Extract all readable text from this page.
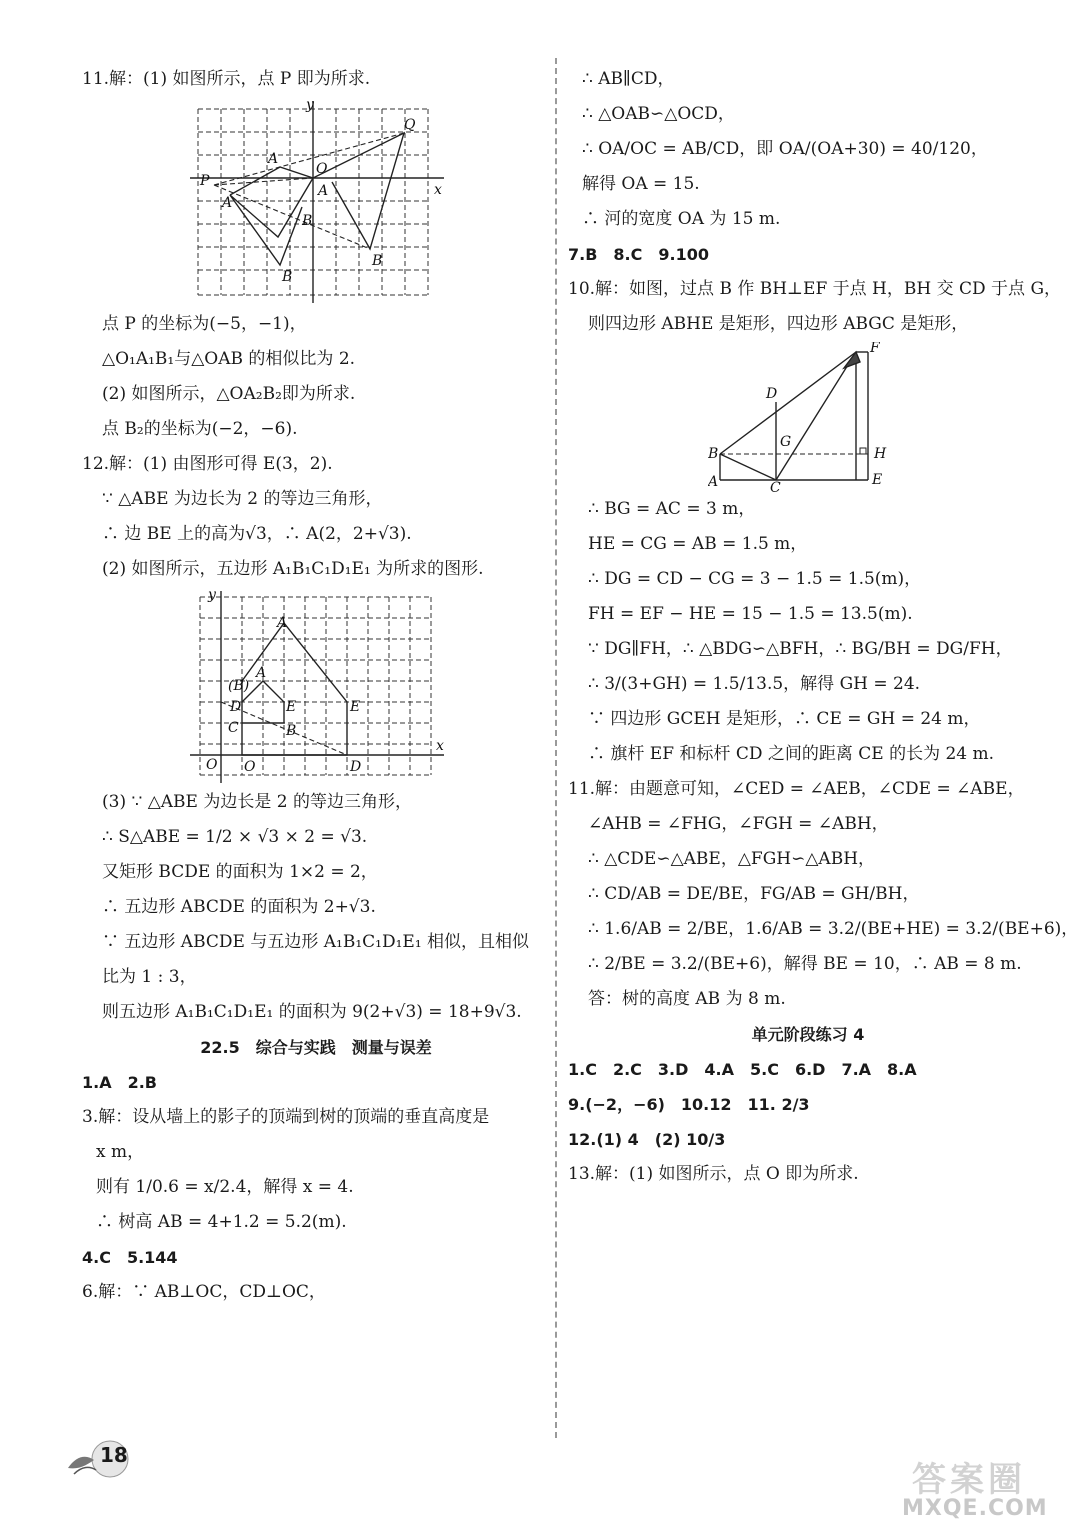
11.解：(1) 如图所示，点 P 即为所求.
y
x
O
Q
P
A
A
A
B
B
B
点 P 的坐标为(−5，−1)，
△O₁A₁B₁与△OAB 的相似比为 2.
(2) 如图所示，△OA₂B₂即为所求.
点 B₂的坐标为(−2，−6).
12.解：(1) 由图形可得 E(3，2).
∵ △ABE 为边长为 2 的等边三角形，
∴ 边 BE 上的高为√3，∴ A(2，2+√3).
(2) 如图所示，五边形 A₁B₁C₁D₁E₁ 为所求的图形.
y
x
O O
A
A
(B)
D
C
E
B
E
D
(3) ∵ △ABE 为边长是 2 的等边三角形，
∴ S△ABE = 1/2 × √3 × 2 = √3.
又矩形 BCDE 的面积为 1×2 = 2，
∴ 五边形 ABCDE 的面积为 2+√3.
∵ 五边形 ABCDE 与五边形 A₁B₁C₁D₁E₁ 相似，且相似
比为 1 : 3，
则五边形 A₁B₁C₁D₁E₁ 的面积为 9(2+√3) = 18+9√3.
22.5　综合与实践　测量与误差
1.A　2.B
3.解：设从墙上的影子的顶端到树的顶端的垂直高度是
x m，
则有 1/0.6 = x/2.4，解得 x = 4.
∴ 树高 AB = 4+1.2 = 5.2(m).
4.C　5.144
6.解：∵ AB⊥OC，CD⊥OC，
∴ AB∥CD，
∴ △OAB∽△OCD，
∴ OA/OC = AB/CD，即 OA/(OA+30) = 40/120，
解得 OA = 15.
∴ 河的宽度 OA 为 15 m.
7.B　8.C　9.100
10.解：如图，过点 B 作 BH⊥EF 于点 H，BH 交 CD 于点 G，
则四边形 ABHE 是矩形，四边形 ABGC 是矩形，
F
D
G
B	H
A	C	E
∴ BG = AC = 3 m，
HE = CG = AB = 1.5 m，
∴ DG = CD − CG = 3 − 1.5 = 1.5(m)，
FH = EF − HE = 15 − 1.5 = 13.5(m).
∵ DG∥FH，∴ △BDG∽△BFH，∴ BG/BH = DG/FH，
∴ 3/(3+GH) = 1.5/13.5，解得 GH = 24.
∵ 四边形 GCEH 是矩形，∴ CE = GH = 24 m，
∴ 旗杆 EF 和标杆 CD 之间的距离 CE 的长为 24 m.
11.解：由题意可知，∠CED = ∠AEB，∠CDE = ∠ABE，
∠AHB = ∠FHG，∠FGH = ∠ABH，
∴ △CDE∽△ABE，△FGH∽△ABH，
∴ CD/AB = DE/BE，FG/AB = GH/BH，
∴ 1.6/AB = 2/BE，1.6/AB = 3.2/(BE+HE) = 3.2/(BE+6)，
∴ 2/BE = 3.2/(BE+6)，解得 BE = 10，∴ AB = 8 m.
答：树的高度 AB 为 8 m.
单元阶段练习 4
1.C　2.C　3.D　4.A　5.C　6.D　7.A　8.A
9.(−2，−6)　10.12　11. 2/3
12.(1) 4　(2) 10/3
13.解：(1) 如图所示，点 O 即为所求.
18
答案圈
MXQE.COM
